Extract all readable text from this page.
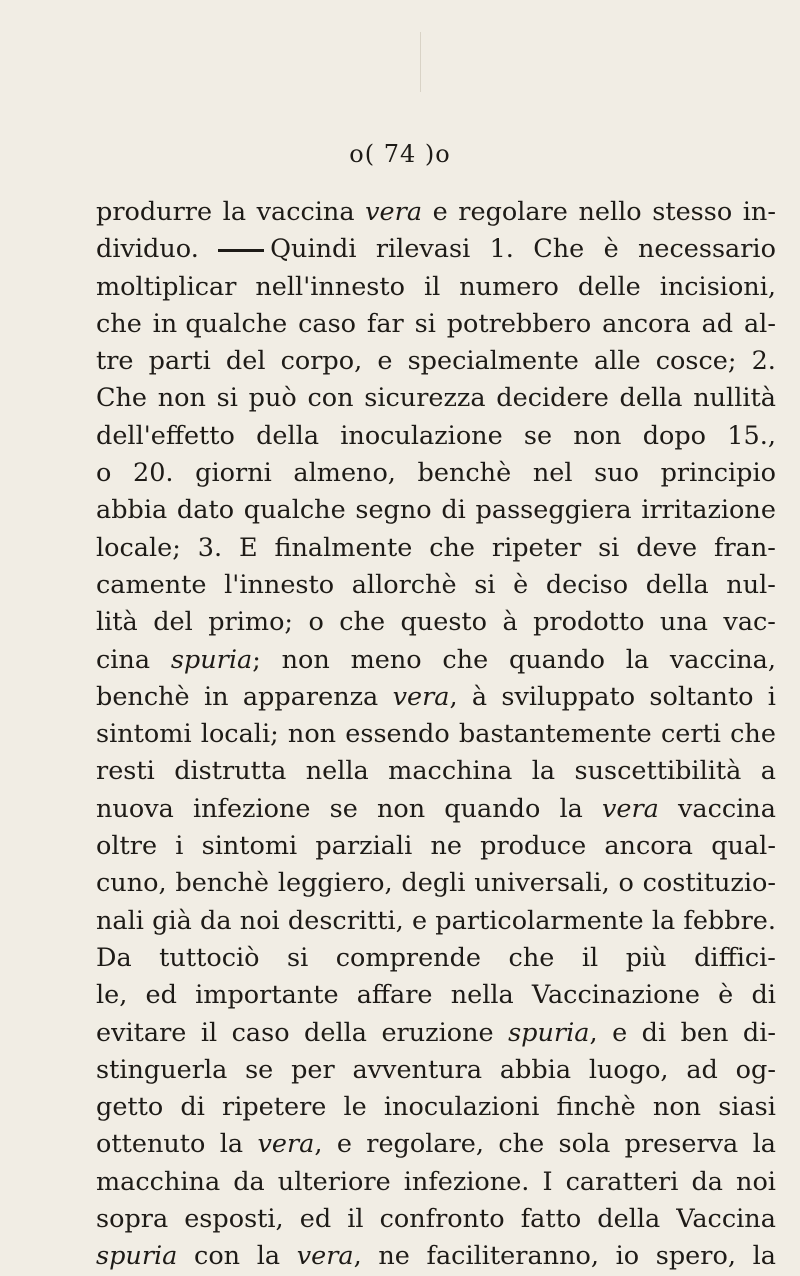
o( 74 )o
produrre la vaccina vera e regolare nello stesso in-
dividuo.	Quindi rilevasi 1. Che è necessario
moltiplicar nell'innesto il numero delle incisioni,
che in qualche caso far si potrebbero ancora ad al-
tre parti del corpo, e specialmente alle cosce; 2.
Che non si può con sicurezza decidere della nullità
dell'effetto della inoculazione se non dopo 15.,
o 20. giorni almeno, benchè nel suo principio
abbia dato qualche segno di passeggiera irritazione
locale; 3. E finalmente che ripeter si deve fran-
camente l'innesto allorchè si è deciso della nul-
lità del primo; o che questo à prodotto una vac-
cina spuria; non meno che quando la vaccina,
benchè in apparenza vera, à sviluppato soltanto i
sintomi locali; non essendo bastantemente certi che
resti distrutta nella macchina la suscettibilità a
nuova infezione se non quando la vera vaccina
oltre i sintomi parziali ne produce ancora qual-
cuno, benchè leggiero, degli universali, o costituzio-
nali già da noi descritti, e particolarmente la febbre.
Da tuttociò si comprende che il più diffici-
le, ed importante affare nella Vaccinazione è di
evitare il caso della eruzione spuria, e di ben di-
stinguerla se per avventura abbia luogo, ad og-
getto di ripetere le inoculazioni finchè non siasi
ottenuto la vera, e regolare, che sola preserva la
macchina da ulteriore infezione. I caratteri da noi
sopra esposti, ed il confronto fatto della Vaccina
spuria con la vera, ne faciliteranno, io spero, la
